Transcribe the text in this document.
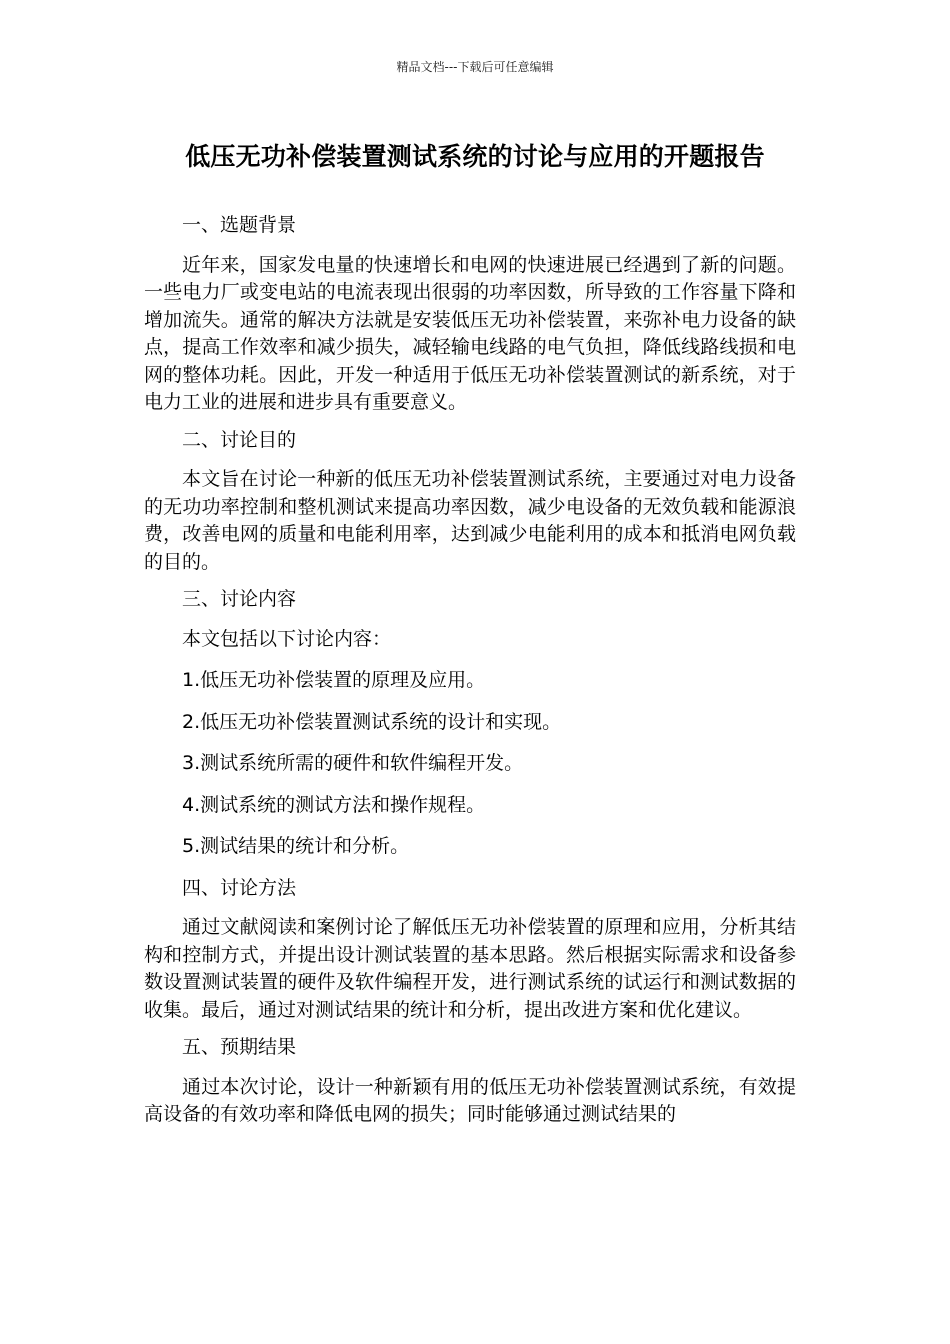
精品文档---下载后可任意编辑
低压无功补偿装置测试系统的讨论与应用的开题报告

一、选题背景

近年来，国家发电量的快速增长和电网的快速进展已经遇到了新的问题。一些电力厂或变电站的电流表现出很弱的功率因数，所导致的工作容量下降和增加流失。通常的解决方法就是安装低压无功补偿装置，来弥补电力设备的缺点，提高工作效率和减少损失，减轻输电线路的电气负担，降低线路线损和电网的整体功耗。因此，开发一种适用于低压无功补偿装置测试的新系统，对于电力工业的进展和进步具有重要意义。

二、讨论目的

本文旨在讨论一种新的低压无功补偿装置测试系统，主要通过对电力设备的无功功率控制和整机测试来提高功率因数，减少电设备的无效负载和能源浪费，改善电网的质量和电能利用率，达到减少电能利用的成本和抵消电网负载的目的。

三、讨论内容

本文包括以下讨论内容：

1.低压无功补偿装置的原理及应用。

2.低压无功补偿装置测试系统的设计和实现。

3.测试系统所需的硬件和软件编程开发。

4.测试系统的测试方法和操作规程。

5.测试结果的统计和分析。

四、讨论方法

通过文献阅读和案例讨论了解低压无功补偿装置的原理和应用，分析其结构和控制方式，并提出设计测试装置的基本思路。然后根据实际需求和设备参数设置测试装置的硬件及软件编程开发，进行测试系统的试运行和测试数据的收集。最后，通过对测试结果的统计和分析，提出改进方案和优化建议。

五、预期结果

通过本次讨论，设计一种新颖有用的低压无功补偿装置测试系统，有效提高设备的有效功率和降低电网的损失；同时能够通过测试结果的
